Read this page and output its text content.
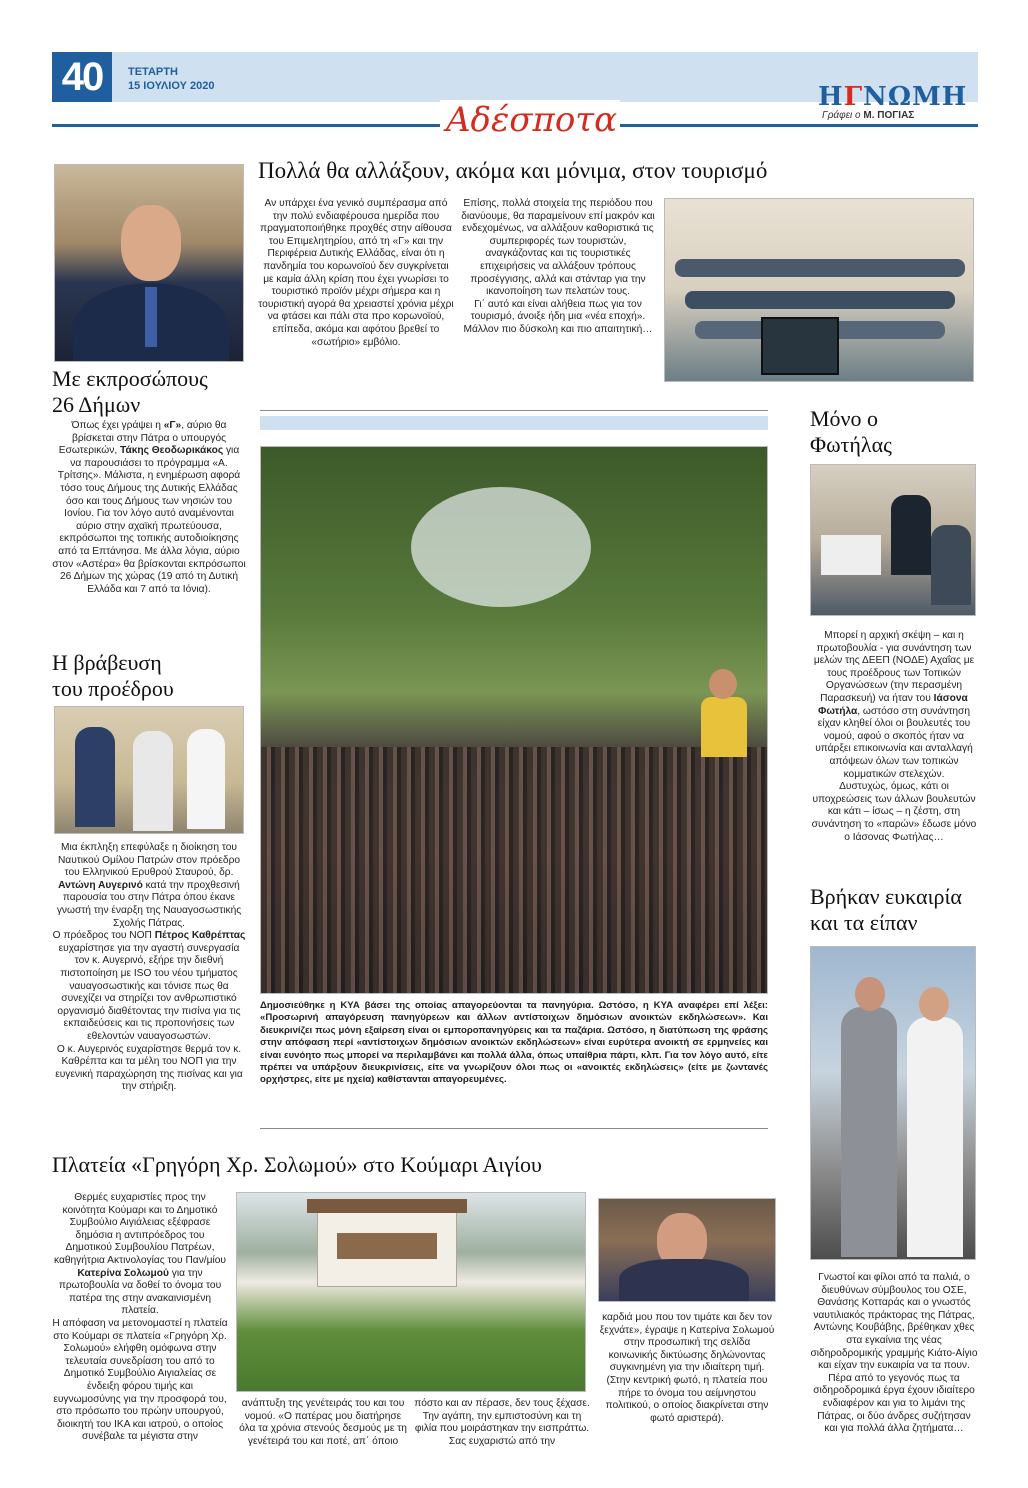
40	ΤΕΤΑΡΤΗ
15 ΙΟΥΛΙΟΥ 2020
Αδέσποτα
ΗΓΝΩΜΗ
Γράφει ο Μ. ΠΟΓΙΑΣ
Πολλά θα αλλάξουν, ακόμα και μόνιμα, στον τουρισμό
Αν υπάρχει ένα γενικό συμπέρασμα από την πολύ ενδιαφέρουσα ημερίδα που πραγματοποιήθηκε προχθές στην αίθουσα του Επιμελητηρίου, από τη «Γ» και την Περιφέρεια Δυτικής Ελλάδας, είναι ότι η πανδημία του κορωνοϊού δεν συγκρίνεται με καμία άλλη κρίση που έχει γνωρίσει το τουριστικό προϊόν μέχρι σήμερα και η τουριστική αγορά θα χρειαστεί χρόνια μέχρι να φτάσει και πάλι στα προ κορωνοϊού, επίπεδα, ακόμα και αφότου βρεθεί το «σωτήριο» εμβόλιο.
Επίσης, πολλά στοιχεία της περιόδου που διανύουμε, θα παραμείνουν επί μακρόν και ενδεχομένως, να αλλάξουν καθοριστικά τις συμπεριφορές των τουριστών, αναγκάζοντας και τις τουριστικές επιχειρήσεις να αλλάξουν τρόπους προσέγγισης, αλλά και στάνταρ για την ικανοποίηση των πελατών τους.
Γι΄ αυτό και είναι αλήθεια πως για τον τουρισμό, άνοιξε ήδη μια «νέα εποχή».
Μάλλον πιο δύσκολη και πιο απαιτητική…
Με εκπροσώπους
26 Δήμων
Όπως έχει γράψει η «Γ», αύριο θα βρίσκεται στην Πάτρα ο υπουργός Εσωτερικών, Τάκης Θεοδωρικάκος για να παρουσιάσει το πρόγραμμα «Α. Τρίτσης». Μάλιστα, η ενημέρωση αφορά τόσο τους Δήμους της Δυτικής Ελλάδας όσο και τους Δήμους των νησιών του Ιονίου. Για τον λόγο αυτό αναμένονται αύριο στην αχαϊκή πρωτεύουσα, εκπρόσωποι της τοπικής αυτοδιοίκησης από τα Επτάνησα. Με άλλα λόγια, αύριο στον «Αστέρα» θα βρίσκονται εκπρόσωποι 26 Δήμων της χώρας (19 από τη Δυτική Ελλάδα και 7 από τα Ιόνια).
Η βράβευση
του προέδρου
Μια έκπληξη επεφύλαξε η διοίκηση του Ναυτικού Ομίλου Πατρών στον πρόεδρο του Ελληνικού Ερυθρού Σταυρού, δρ. Αντώνη Αυγερινό κατά την προχθεσινή παρουσία του στην Πάτρα όπου έκανε γνωστή την έναρξη της Ναυαγοσωστικής Σχολής Πάτρας.
Ο πρόεδρος του ΝΟΠ Πέτρος Καθρέπτας ευχαρίστησε για την αγαστή συνεργασία τον κ. Αυγερινό, εξήρε την διεθνή πιστοποίηση με ISO του νέου τμήματος ναυαγοσωστικής και τόνισε πως θα συνεχίζει να στηρίζει τον ανθρωπιστικό οργανισμό διαθέτοντας την πισίνα για τις εκπαιδεύσεις και τις προπονήσεις των εθελοντών ναυαγοσωστών.
Ο κ. Αυγερινός ευχαρίστησε θερμά τον κ. Καθρέπτα και τα μέλη του ΝΟΠ για την ευγενική παραχώρηση της πισίνας και για την στήριξη.
Δημοσιεύθηκε η ΚΥΑ βάσει της οποίας απαγορεύονται τα πανηγύρια. Ωστόσο, η ΚΥΑ αναφέρει επί λέξει: «Προσωρινή απαγόρευση πανηγύρεων και άλλων αντίστοιχων δημόσιων ανοικτών εκδηλώσεων». Και διευκρινίζει πως μόνη εξαίρεση είναι οι εμποροπανηγύρεις και τα παζάρια. Ωστόσο, η διατύπωση της φράσης στην απόφαση περί «αντίστοιχων δημόσιων ανοικτών εκδηλώσεων» είναι ευρύτερα ανοικτή σε ερμηνείες και είναι ευνόητο πως μπορεί να περιλαμβάνει και πολλά άλλα, όπως υπαίθρια πάρτι, κλπ. Για τον λόγο αυτό, είτε πρέπει να υπάρξουν διευκρινίσεις, είτε να γνωρίζουν όλοι πως οι «ανοικτές εκδηλώσεις» (είτε με ζωντανές ορχήστρες, είτε με ηχεία) καθίστανται απαγορευμένες.
Μόνο ο
Φωτήλας
Μπορεί η αρχική σκέψη – και η πρωτοβουλία - για συνάντηση των μελών της ΔΕΕΠ (ΝΟΔΕ) Αχαΐας με τους προέδρους των Τοπικών Οργανώσεων (την περασμένη Παρασκευή) να ήταν του Ιάσονα Φωτήλα, ωστόσο στη συνάντηση είχαν κληθεί όλοι οι βουλευτές του νομού, αφού ο σκοπός ήταν να υπάρξει επικοινωνία και ανταλλαγή απόψεων όλων των τοπικών κομματικών στελεχών.
Δυστυχώς, όμως, κάτι οι υποχρεώσεις των άλλων βουλευτών και κάτι – ίσως – η ζέστη, στη συνάντηση το «παρών» έδωσε μόνο ο Ιάσονας Φωτήλας…
Βρήκαν ευκαιρία
και τα είπαν
Γνωστοί και φίλοι από τα παλιά, ο διευθύνων σύμβουλος του ΟΣΕ, Θανάσης Κοτταράς και ο γνωστός ναυτιλιακός πράκτορας της Πάτρας, Αντώνης Κουβάβης, βρέθηκαν χθες στα εγκαίνια της νέας σιδηροδρομικής γραμμής Κιάτο-Αίγιο και είχαν την ευκαιρία να τα πουν.
Πέρα από το γεγονός πως τα σιδηροδρομικά έργα έχουν ιδιαίτερο ενδιαφέρον και για το λιμάνι της Πάτρας, οι δύο άνδρες συζήτησαν και για πολλά άλλα ζητήματα…
Πλατεία «Γρηγόρη Χρ. Σολωμού» στο Κούμαρι Αιγίου
Θερμές ευχαριστίες προς την κοινότητα Κούμαρι και το Δημοτικό Συμβούλιο Αιγιάλειας εξέφρασε δημόσια η αντιπρόεδρος του Δημοτικού Συμβουλίου Πατρέων, καθηγήτρια Ακτινολογίας του Παν/μίου Κατερίνα Σολωμού για την πρωτοβουλία να δοθεί το όνομα του πατέρα της στην ανακαινισμένη πλατεία.
Η απόφαση να μετονομαστεί η πλατεία στο Κούμαρι σε πλατεία «Γρηγόρη Χρ. Σολωμού» ελήφθη ομόφωνα στην τελευταία συνεδρίαση του από το Δημοτικό Συμβούλιο Αιγιαλείας σε ένδειξη φόρου τιμής και ευγνωμοσύνης για την προσφορά του, στο πρόσωπο του πρώην υπουργού, διοικητή του ΙΚΑ και ιατρού, ο οποίος συνέβαλε τα μέγιστα στην
ανάπτυξη της γενέτειράς του και του νομού. «Ο πατέρας μου διατήρησε όλα τα χρόνια στενούς δεσμούς με τη γενέτειρά του και ποτέ, απ΄ όποιο
πόστο και αν πέρασε, δεν τους ξέχασε. Την αγάπη, την εμπιστοσύνη και τη φιλία που μοιράστηκαν την εισπράττω. Σας ευχαριστώ από την
καρδιά μου που τον τιμάτε και δεν τον ξεχνάτε», έγραψε η Κατερίνα Σολωμού στην προσωπική της σελίδα κοινωνικής δικτύωσης δηλώνοντας συγκινημένη για την ιδιαίτερη τιμή. (Στην κεντρική φωτό, η πλατεία που πήρε το όνομα του αείμνηστου πολιτικού, ο οποίος διακρίνεται στην φωτό αριστερά).
